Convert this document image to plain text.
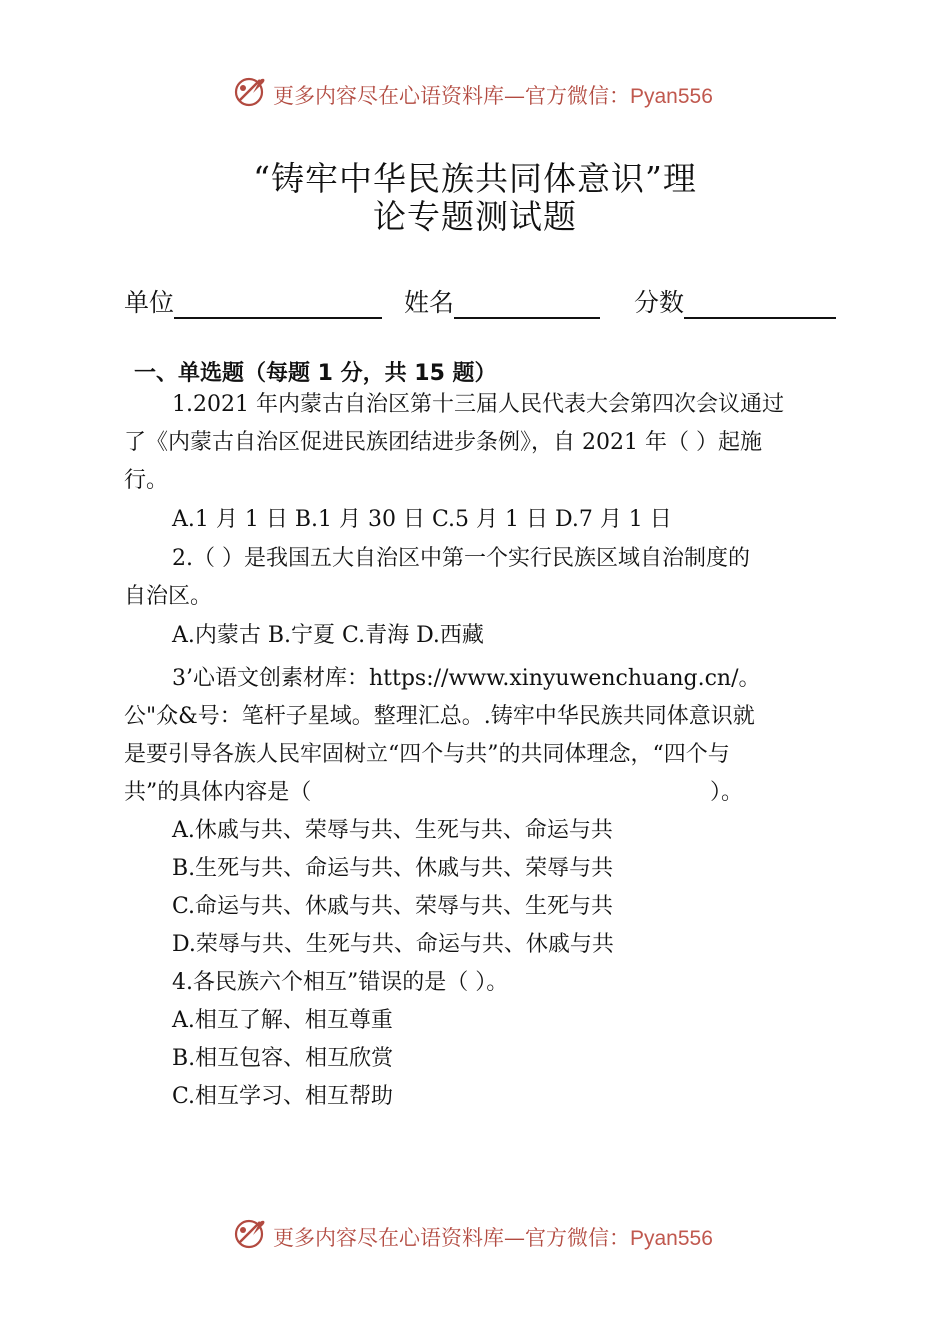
更多内容尽在心语资料库—官方微信：Pyan556
“铸牢中华民族共同体意识”理
论专题测试题
单位	姓名	分数
一、单选题（每题 1 分，共 15 题）
1.2021 年内蒙古自治区第十三届人民代表大会第四次会议通过
了《内蒙古自治区促进民族团结进步条例》，自 2021 年（ ）起施
行。
A.1 月 1 日 B.1 月 30 日 C.5 月 1 日 D.7 月 1 日
2.（ ）是我国五大自治区中第一个实行民族区域自治制度的
自治区。
A.内蒙古 B.宁夏 C.青海 D.西藏
3’心语文创素材库：https://www.xinyuwenchuang.cn/。
公"众&号：笔杆子星域。整理汇总。.铸牢中华民族共同体意识就
是要引导各族人民牢固树立“四个与共”的共同体理念，“四个与
共”的具体内容是（	）。
A.休戚与共、荣辱与共、生死与共、命运与共
B.生死与共、命运与共、休戚与共、荣辱与共
C.命运与共、休戚与共、荣辱与共、生死与共
D.荣辱与共、生死与共、命运与共、休戚与共
4.各民族六个相互”错误的是（ ）。
A.相互了解、相互尊重
B.相互包容、相互欣赏
C.相互学习、相互帮助
更多内容尽在心语资料库—官方微信：Pyan556
